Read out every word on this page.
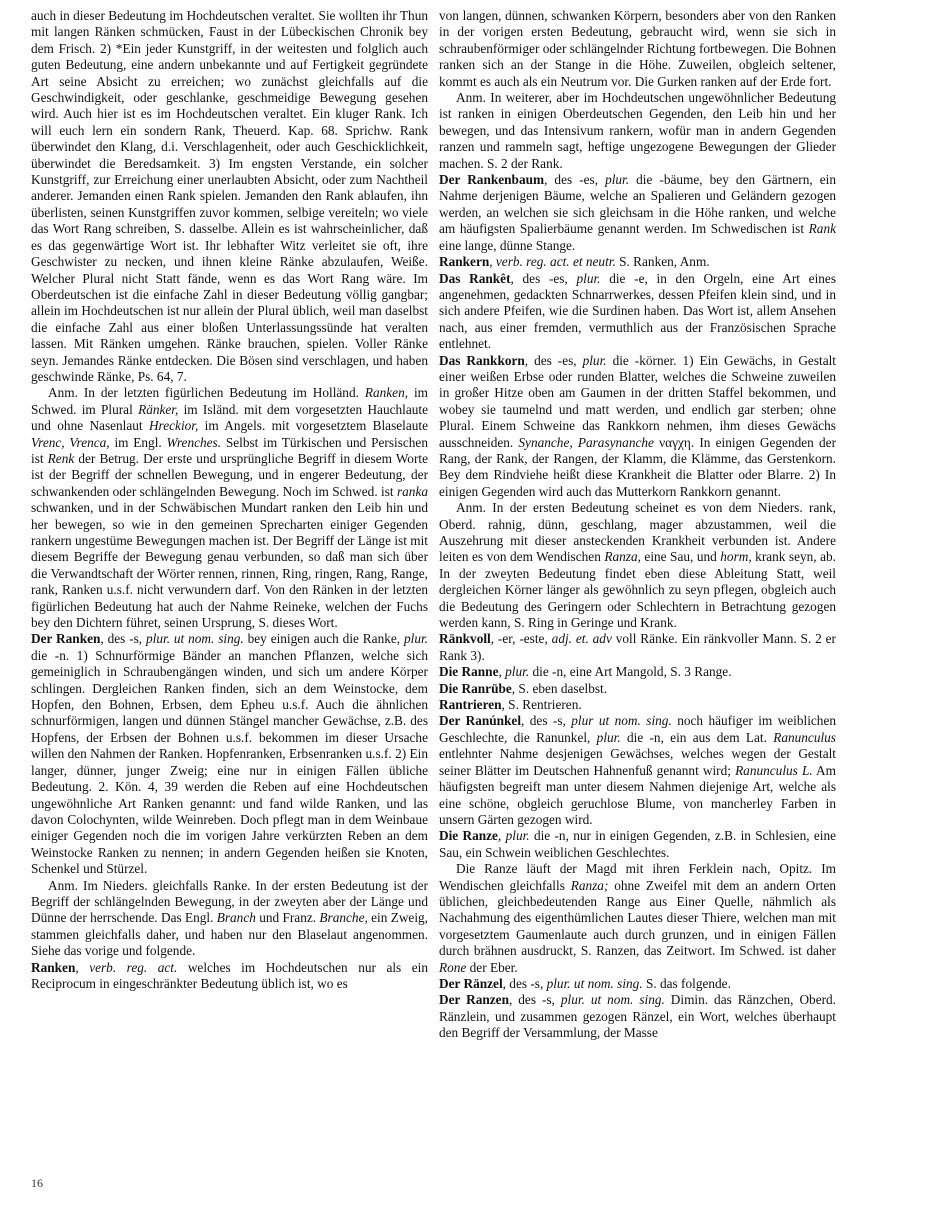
auch in dieser Bedeutung im Hochdeutschen veraltet. Sie wollten ihr Thun mit langen Ränken schmücken, Faust in der Lübeckischen Chronik bey dem Frisch. 2) *Ein jeder Kunstgriff, in der weitesten und folglich auch guten Bedeutung, eine andern unbekannte und auf Fertigkeit gegründete Art seine Absicht zu erreichen; wo zunächst gleichfalls auf die Geschwindigkeit, oder geschlanke, geschmeidige Bewegung gesehen wird. Auch hier ist es im Hochdeutschen veraltet. Ein kluger Rank. Ich will euch lern ein sondern Rank, Theuerd. Kap. 68. Sprichw. Rank überwindet den Klang, d.i. Verschlagenheit, oder auch Geschicklichkeit, überwindet die Beredsamkeit. 3) Im engsten Verstande, ein solcher Kunstgriff, zur Erreichung einer unerlaubten Absicht, oder zum Nachtheil anderer. Jemanden einen Rank spielen. Jemanden den Rank ablaufen, ihn überlisten, seinen Kunstgriffen zuvor kommen, selbige vereiteln; wo viele das Wort Rang schreiben, S. dasselbe. Allein es ist wahrscheinlicher, daß es das gegenwärtige Wort ist. Ihr lebhafter Witz verleitet sie oft, ihre Geschwister zu necken, und ihnen kleine Ränke abzulaufen, Weiße. Welcher Plural nicht Statt fände, wenn es das Wort Rang wäre. Im Oberdeutschen ist die einfache Zahl in dieser Bedeutung völlig gangbar; allein im Hochdeutschen ist nur allein der Plural üblich, weil man daselbst die einfache Zahl aus einer bloßen Unterlassungssünde hat veralten lassen. Mit Ränken umgehen. Ränke brauchen, spielen. Voller Ränke seyn. Jemandes Ränke entdecken. Die Bösen sind verschlagen, und haben geschwinde Ränke, Ps. 64, 7.

Anm. In der letzten figürlichen Bedeutung im Holländ. Ranken, im Schwed. im Plural Ränker, im Isländ. mit dem vorgesetzten Hauchlaute und ohne Nasenlaut Hreckior, im Angels. mit vorgesetztem Blaselaute Vrenc, Vrenca, im Engl. Wrenches. Selbst im Türkischen und Persischen ist Renk der Betrug. Der erste und ursprüngliche Begriff in diesem Worte ist der Begriff der schnellen Bewegung, und in engerer Bedeutung, der schwankenden oder schlängelnden Bewegung. Noch im Schwed. ist ranka schwanken, und in der Schwäbischen Mundart ranken den Leib hin und her bewegen, so wie in den gemeinen Sprecharten einiger Gegenden rankern ungestüme Bewegungen machen ist. Der Begriff der Länge ist mit diesem Begriffe der Bewegung genau verbunden, so daß man sich über die Verwandtschaft der Wörter rennen, rinnen, Ring, ringen, Rang, Range, rank, Ranken u.s.f. nicht verwundern darf. Von den Ränken in der letzten figürlichen Bedeutung hat auch der Nahme Reineke, welchen der Fuchs bey den Dichtern führet, seinen Ursprung, S. dieses Wort.

Der Ranken, des -s, plur. ut nom. sing. bey einigen auch die Ranke, plur. die -n. 1) Schnurförmige Bänder an manchen Pflanzen, welche sich gemeiniglich in Schraubengängen winden, und sich um andere Körper schlingen. Dergleichen Ranken finden, sich an dem Weinstocke, dem Hopfen, den Bohnen, Erbsen, dem Epheu u.s.f. Auch die ähnlichen schnurförmigen, langen und dünnen Stängel mancher Gewächse, z.B. des Hopfens, der Erbsen der Bohnen u.s.f. bekommen im dieser Ursache willen den Nahmen der Ranken. Hopfenranken, Erbsenranken u.s.f. 2) Ein langer, dünner, junger Zweig; eine nur in einigen Fällen übliche Bedeutung. 2. Kön. 4, 39 werden die Reben auf eine Hochdeutschen ungewöhnliche Art Ranken genannt: und fand wilde Ranken, und las davon Colochynten, wilde Weinreben. Doch pflegt man in dem Weinbaue einiger Gegenden noch die im vorigen Jahre verkürzten Reben an dem Weinstocke Ranken zu nennen; in andern Gegenden heißen sie Knoten, Schenkel und Stürzel.

Anm. Im Nieders. gleichfalls Ranke. In der ersten Bedeutung ist der Begriff der schlängelnden Bewegung, in der zweyten aber der Länge und Dünne der herrschende. Das Engl. Branch und Franz. Branche, ein Zweig, stammen gleichfalls daher, und haben nur den Blaselaut angenommen. Siehe das vorige und folgende.

Ranken, verb. reg. act. welches im Hochdeutschen nur als ein Reciprocum in eingeschränkter Bedeutung üblich ist, wo es

von langen, dünnen, schwanken Körpern, besonders aber von den Ranken in der vorigen ersten Bedeutung, gebraucht wird, wenn sie sich in schraubenförmiger oder schlängelnder Richtung fortbewegen. Die Bohnen ranken sich an der Stange in die Höhe. Zuweilen, obgleich seltener, kommt es auch als ein Neutrum vor. Die Gurken ranken auf der Erde fort.

Anm. In weiterer, aber im Hochdeutschen ungewöhnlicher Bedeutung ist ranken in einigen Oberdeutschen Gegenden, den Leib hin und her bewegen, und das Intensivum rankern, wofür man in andern Gegenden ranzen und rammeln sagt, heftige ungezogene Bewegungen der Glieder machen. S. 2 der Rank.

Der Rankenbaum, des -es, plur. die -bäume, bey den Gärtnern, ein Nahme derjenigen Bäume, welche an Spalieren und Geländern gezogen werden, an welchen sie sich gleichsam in die Höhe ranken, und welche am häufigsten Spalierbäume genannt werden. Im Schwedischen ist Rank eine lange, dünne Stange.

Rankern, verb. reg. act. et neutr. S. Ranken, Anm.

Das Rankêt, des -es, plur. die -e, in den Orgeln, eine Art eines angenehmen, gedackten Schnarrwerkes, dessen Pfeifen klein sind, und in sich andere Pfeifen, wie die Surdinen haben. Das Wort ist, allem Ansehen nach, aus einer fremden, vermuthlich aus der Französischen Sprache entlehnet.

Das Rankkorn, des -es, plur. die -körner. 1) Ein Gewächs, in Gestalt einer weißen Erbse oder runden Blatter, welches die Schweine zuweilen in großer Hitze oben am Gaumen in der dritten Staffel bekommen, und wobey sie taumelnd und matt werden, und endlich gar sterben; ohne Plural. Einem Schweine das Rankkorn nehmen, ihm dieses Gewächs ausschneiden. Synanche, Parasynanche ναγχη. In einigen Gegenden der Rang, der Rank, der Rangen, der Klamm, die Klämme, das Gerstenkorn. Bey dem Rindviehe heißt diese Krankheit die Blatter oder Blarre. 2) In einigen Gegenden wird auch das Mutterkorn Rankkorn genannt.

Anm. In der ersten Bedeutung scheinet es von dem Nieders. rank, Oberd. rahnig, dünn, geschlang, mager abzustammen, weil die Auszehrung mit dieser ansteckenden Krankheit verbunden ist. Andere leiten es von dem Wendischen Ranza, eine Sau, und horm, krank seyn, ab. In der zweyten Bedeutung findet eben diese Ableitung Statt, weil dergleichen Körner länger als gewöhnlich zu seyn pflegen, obgleich auch die Bedeutung des Geringern oder Schlechtern in Betrachtung gezogen werden kann, S. Ring in Geringe und Krank.

Ränkvoll, -er, -este, adj. et. adv voll Ränke. Ein ränkvoller Mann. S. 2 er Rank 3).

Die Ranne, plur. die -n, eine Art Mangold, S. 3 Range.

Die Ranrübe, S. eben daselbst.

Rantrieren, S. Rentrieren.

Der Ranúnkel, des -s, plur ut nom. sing. noch häufiger im weiblichen Geschlechte, die Ranunkel, plur. die -n, ein aus dem Lat. Ranunculus entlehnter Nahme desjenigen Gewächses, welches wegen der Gestalt seiner Blätter im Deutschen Hahnenfuß genannt wird; Ranunculus L. Am häufigsten begreift man unter diesem Nahmen diejenige Art, welche als eine schöne, obgleich geruchlose Blume, von mancherley Farben in unsern Gärten gezogen wird.

Die Ranze, plur. die -n, nur in einigen Gegenden, z.B. in Schlesien, eine Sau, ein Schwein weiblichen Geschlechtes.

Die Ranze läuft der Magd mit ihren Ferklein nach, Opitz. Im Wendischen gleichfalls Ranza; ohne Zweifel mit dem an andern Orten üblichen, gleichbedeutenden Range aus Einer Quelle, nähmlich als Nachahmung des eigenthümlichen Lautes dieser Thiere, welchen man mit vorgesetztem Gaumenlaute auch durch grunzen, und in einigen Fällen durch brähnen ausdruckt, S. Ranzen, das Zeitwort. Im Schwed. ist daher Rone der Eber.

Der Ränzel, des -s, plur. ut nom. sing. S. das folgende.

Der Ranzen, des -s, plur. ut nom. sing. Dimin. das Ränzchen, Oberd. Ränzlein, und zusammen gezogen Ränzel, ein Wort, welches überhaupt den Begriff der Versammlung, der Masse

16
